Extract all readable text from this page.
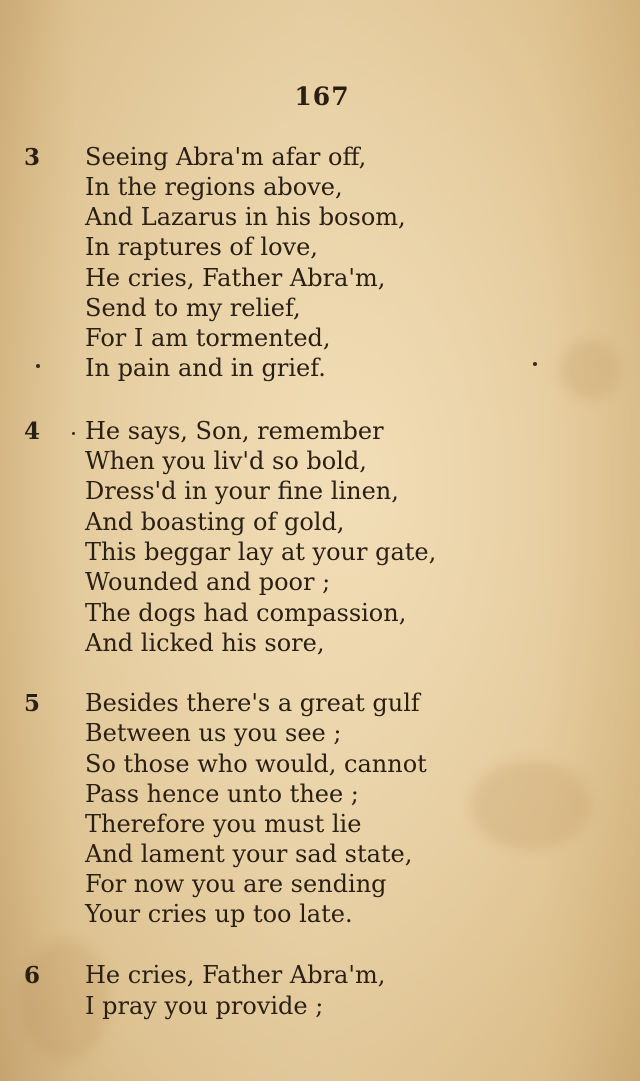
167
3 Seeing Abra'm afar off,
In the regions above,
And Lazarus in his bosom,
In raptures of love,
He cries, Father Abra'm,
Send to my relief,
For I am tormented,
In pain and in grief.
4 He says, Son, remember
When you liv'd so bold,
Dress'd in your fine linen,
And boasting of gold,
This beggar lay at your gate,
Wounded and poor ;
The dogs had compassion,
And licked his sore,
5 Besides there's a great gulf
Between us you see ;
So those who would, cannot
Pass hence unto thee ;
Therefore you must lie
And lament your sad state,
For now you are sending
Your cries up too late.
6 He cries, Father Abra'm,
I pray you provide ;
